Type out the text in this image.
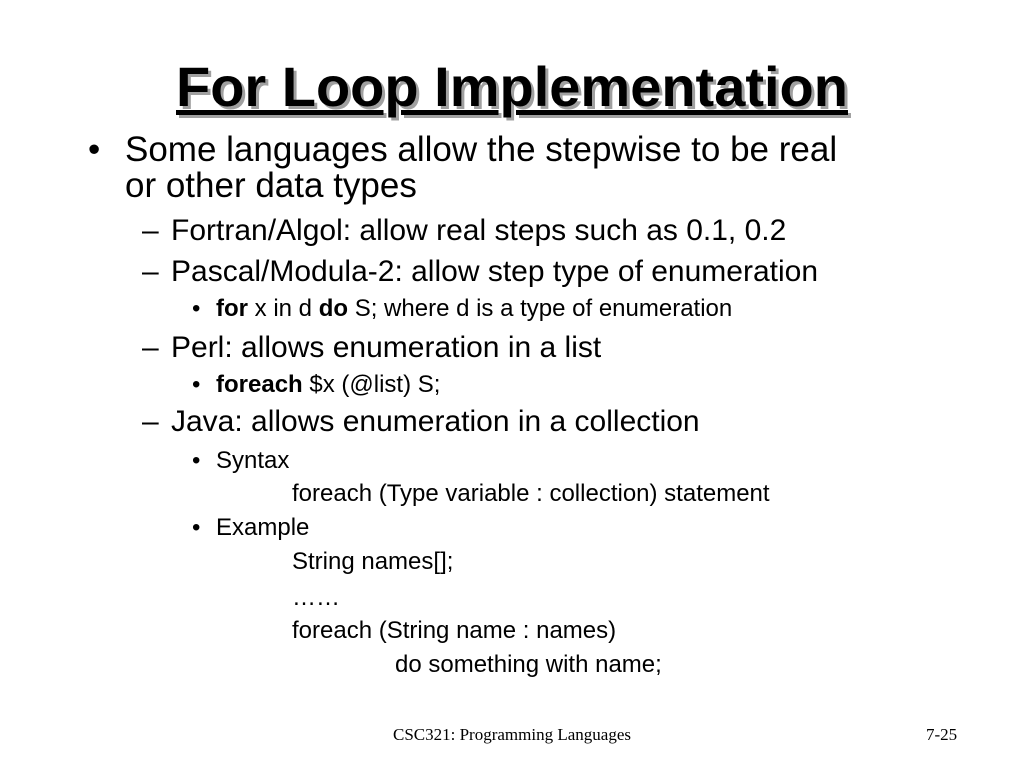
For Loop Implementation
• Some languages allow the stepwise to be real
or other data types
– Fortran/Algol: allow real steps such as 0.1, 0.2
– Pascal/Modula-2: allow step type of enumeration
• for x in d do S; where d is a type of enumeration
– Perl: allows enumeration in a list
• foreach $x (@list) S;
– Java: allows enumeration in a collection
• Syntax
foreach (Type variable : collection) statement
• Example
String names[];
……
foreach (String name : names)
do something with name;
CSC321: Programming Languages	7-25
